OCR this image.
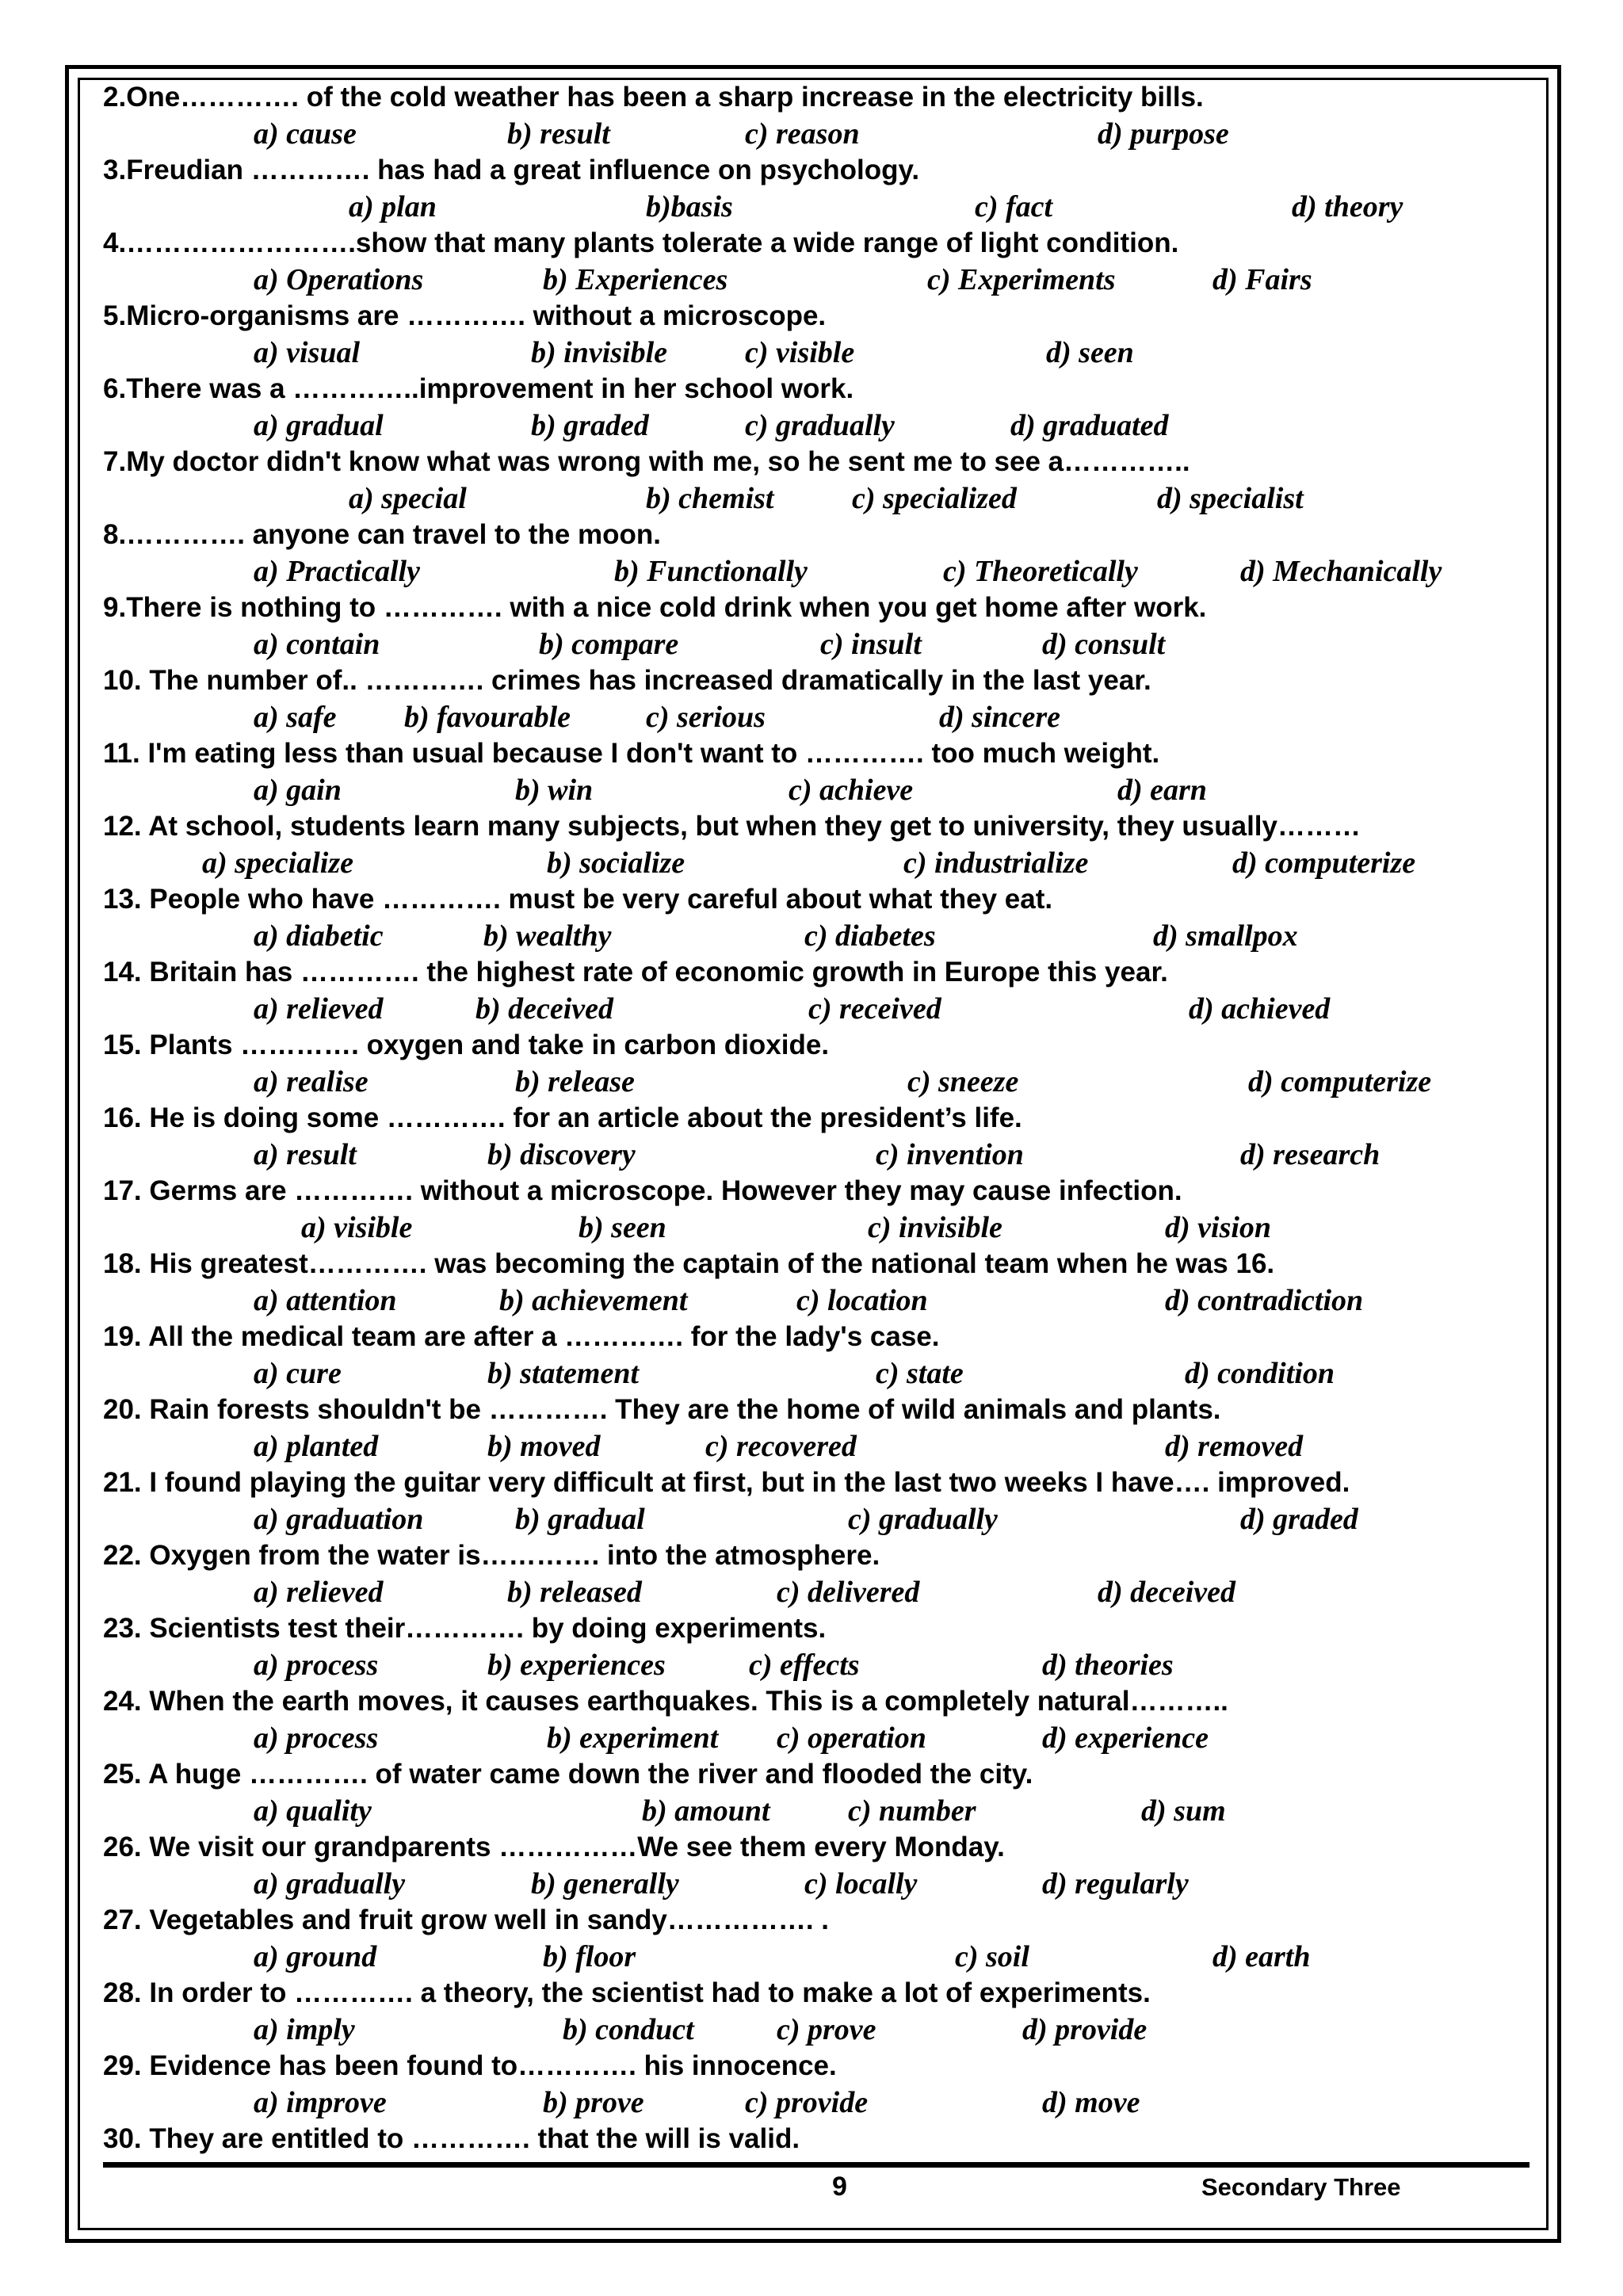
2.One…………. of the cold weather has been a sharp increase in the electricity bills.
a) cause	b) result	c) reason	d) purpose
3.Freudian …………. has had a great influence on psychology.
a) plan	b)basis	c) fact	d) theory
4.…………………….show that many plants tolerate a wide range of light condition.
a) Operations	b) Experiences	c) Experiments	d) Fairs
5.Micro-organisms are …………. without a microscope.
a) visual	b) invisible	c) visible	d) seen
6.There was a …………..improvement in her school work.
a) gradual	b) graded	c) gradually	d) graduated
7.My doctor didn't know what was wrong with me, so he sent me to see a…………..
a) special	b) chemist	c) specialized	d) specialist
8.…………. anyone can travel to the moon.
a) Practically	b) Functionally	c) Theoretically	d) Mechanically
9.There is nothing to …………. with a nice cold drink when you get home after work.
a) contain	b) compare	c) insult	d) consult
10. The number of.. …………. crimes has increased dramatically in the last year.
a) safe b) favourable c) serious	d) sincere
11. I'm eating less than usual because I don't want to …………. too much weight.
a) gain	b) win	c) achieve	d) earn
12. At school, students learn many subjects, but when they get to university, they usually………
a) specialize	b) socialize	c) industrialize	d) computerize
13. People who have …………. must be very careful about what they eat.
a) diabetic	b) wealthy	c) diabetes	d) smallpox
14. Britain has …………. the highest rate of economic growth in Europe this year.
a) relieved	b) deceived	c) received	d) achieved
15. Plants …………. oxygen and take in carbon dioxide.
a) realise	b) release	c) sneeze	d) computerize
16. He is doing some …………. for an article about the president’s life.
a) result	b) discovery	c) invention	d) research
17. Germs are …………. without a microscope. However they may cause infection.
a) visible	b) seen	c) invisible	d) vision
18. His greatest…………. was becoming the captain of the national team when he was 16.
a) attention	b) achievement	c) location	d) contradiction
19. All the medical team are after a …………. for the lady's case.
a) cure	b) statement	c) state	d) condition
20. Rain forests shouldn't be …………. They are the home of wild animals and plants.
a) planted	b) moved	c) recovered	d) removed
21. I found playing the guitar very difficult at first, but in the last two weeks I have…. improved.
a) graduation	b) gradual	c) gradually	d) graded
22. Oxygen from the water is…………. into the atmosphere.
a) relieved	b) released	c) delivered	d) deceived
23. Scientists test their…………. by doing experiments.
a) process	b) experiences	c) effects	d) theories
24. When the earth moves, it causes earthquakes. This is a completely natural………..
a) process	b) experiment c) operation	d) experience
25. A huge …………. of water came down the river and flooded the city.
a) quality	b) amount	c) number	d) sum
26. We visit our grandparents ……………We see them every Monday.
a) gradually	b) generally	c) locally	d) regularly
27. Vegetables and fruit grow well in sandy……………. .
a) ground	b) floor	c) soil	d) earth
28. In order to …………. a theory, the scientist had to make a lot of experiments.
a) imply	b) conduct	c) prove	d) provide
29. Evidence has been found to…………. his innocence.
a) improve	b) prove	c) provide	d) move
30. They are entitled to …………. that the will is valid.
9	Secondary Three
